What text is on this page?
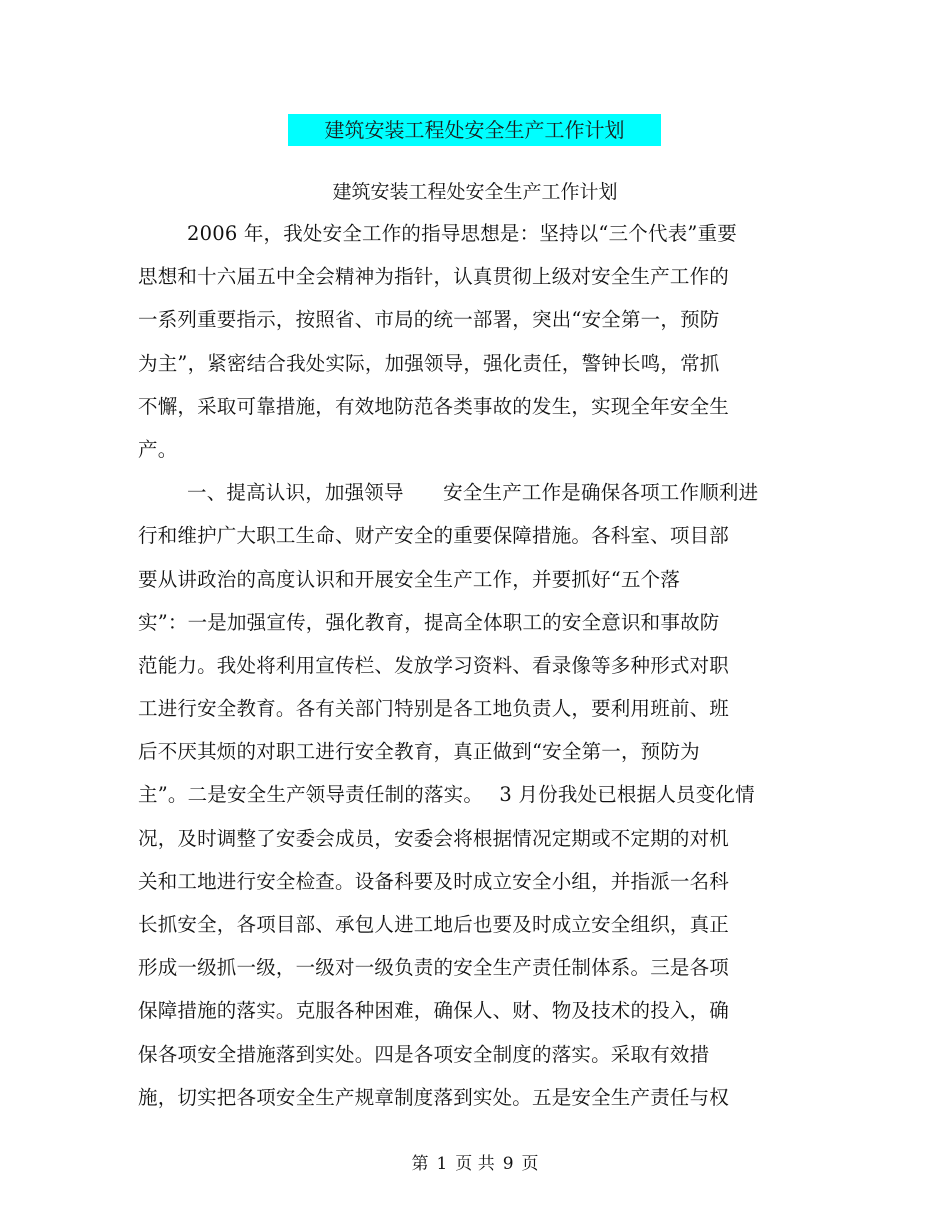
建筑安装工程处安全生产工作计划
建筑安装工程处安全生产工作计划
2006 年，我处安全工作的指导思想是：坚持以“三个代表”重要
思想和十六届五中全会精神为指针，认真贯彻上级对安全生产工作的
一系列重要指示，按照省、市局的统一部署，突出“安全第一，预防
为主”，紧密结合我处实际，加强领导，强化责任，警钟长鸣，常抓
不懈，采取可靠措施，有效地防范各类事故的发生，实现全年安全生
产。
一、提高认识，加强领导　　安全生产工作是确保各项工作顺利进
行和维护广大职工生命、财产安全的重要保障措施。各科室、项目部
要从讲政治的高度认识和开展安全生产工作，并要抓好“五个落
实”：一是加强宣传，强化教育，提高全体职工的安全意识和事故防
范能力。我处将利用宣传栏、发放学习资料、看录像等多种形式对职
工进行安全教育。各有关部门特别是各工地负责人，要利用班前、班
后不厌其烦的对职工进行安全教育，真正做到“安全第一，预防为
主”。二是安全生产领导责任制的落实。　 3 月份我处已根据人员变化情
况，及时调整了安委会成员，安委会将根据情况定期或不定期的对机
关和工地进行安全检查。设备科要及时成立安全小组，并指派一名科
长抓安全，各项目部、承包人进工地后也要及时成立安全组织，真正
形成一级抓一级，一级对一级负责的安全生产责任制体系。三是各项
保障措施的落实。克服各种困难，确保人、财、物及技术的投入，确
保各项安全措施落到实处。四是各项安全制度的落实。采取有效措
施，切实把各项安全生产规章制度落到实处。五是安全生产责任与权
第 1 页 共 9 页
